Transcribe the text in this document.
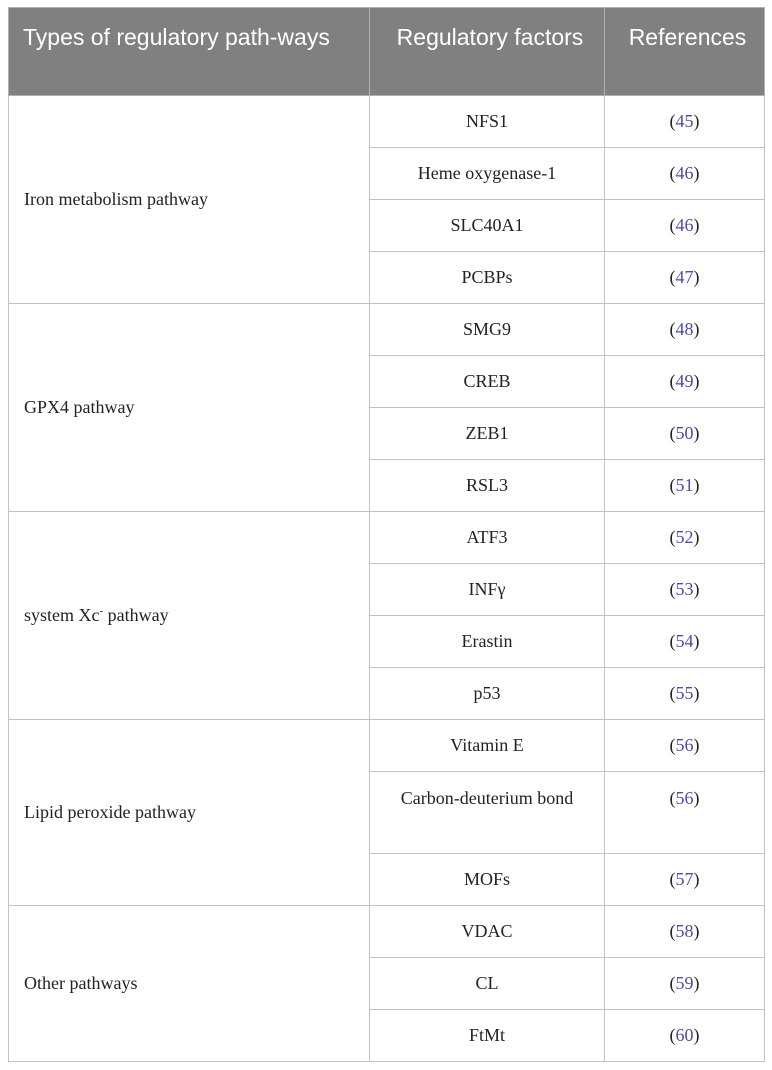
Types of regulatory path-ways	Regulatory factors	References
Iron metabolism pathway	NFS1	(45)
	Heme oxygenase-1	(46)
	SLC40A1	(46)
	PCBPs	(47)
GPX4 pathway	SMG9	(48)
	CREB	(49)
	ZEB1	(50)
	RSL3	(51)
system Xc- pathway	ATF3	(52)
	INFγ	(53)
	Erastin	(54)
	p53	(55)
Lipid peroxide pathway	Vitamin E	(56)
	Carbon-deuterium bond	(56)
	MOFs	(57)
Other pathways	VDAC	(58)
	CL	(59)
	FtMt	(60)
